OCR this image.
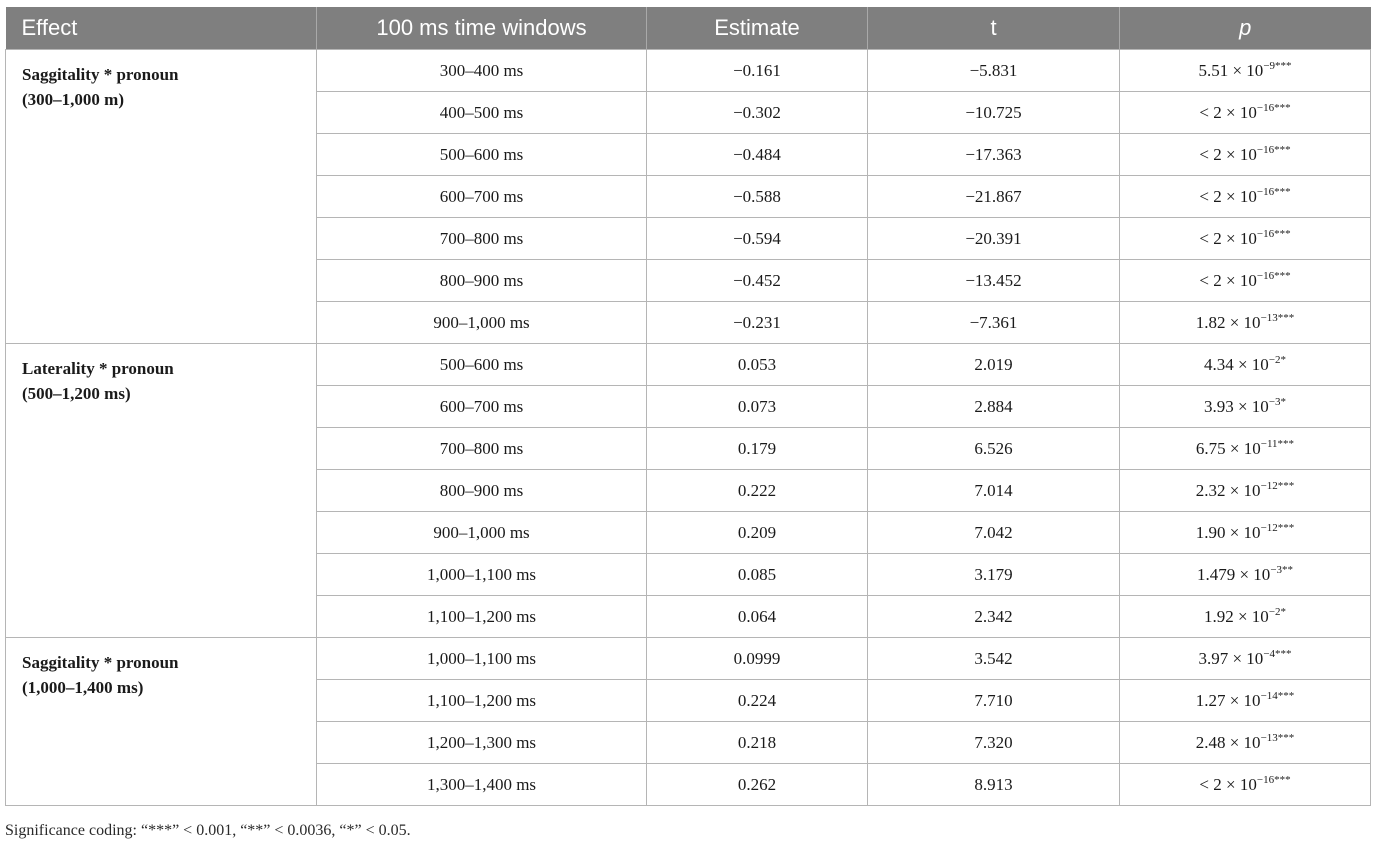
Effect	100 ms time windows	Estimate	t	p

Saggitality * pronoun
(300–1,000 m)	300–400 ms	−0.161	−5.831	$5.51 \times 10^{-9***}$
	400–500 ms	−0.302	−10.725	< $2 \times 10^{-16***}$
	500–600 ms	−0.484	−17.363	< $2 \times 10^{-16***}$
	600–700 ms	−0.588	−21.867	< $2 \times 10^{-16***}$
	700–800 ms	−0.594	−20.391	< $2 \times 10^{-16***}$
	800–900 ms	−0.452	−13.452	< $2 \times 10^{-16***}$
	900–1,000 ms	−0.231	−7.361	$1.82 \times 10^{-13***}$

Laterality * pronoun
(500–1,200 ms)	500–600 ms	0.053	2.019	$4.34 \times 10^{-2*}$
	600–700 ms	0.073	2.884	$3.93 \times 10^{-3*}$
	700–800 ms	0.179	6.526	$6.75 \times 10^{-11***}$
	800–900 ms	0.222	7.014	$2.32 \times 10^{-12***}$
	900–1,000 ms	0.209	7.042	$1.90 \times 10^{-12***}$
	1,000–1,100 ms	0.085	3.179	$1.479 \times 10^{-3**}$
	1,100–1,200 ms	0.064	2.342	$1.92 \times 10^{-2*}$

Saggitality * pronoun
(1,000–1,400 ms)	1,000–1,100 ms	0.0999	3.542	$3.97 \times 10^{-4***}$
	1,100–1,200 ms	0.224	7.710	$1.27 \times 10^{-14***}$
	1,200–1,300 ms	0.218	7.320	$2.48 \times 10^{-13***}$
	1,300–1,400 ms	0.262	8.913	< $2 \times 10^{-16***}$
Significance coding: “***” < 0.001, “**” < 0.0036, “*” < 0.05.
